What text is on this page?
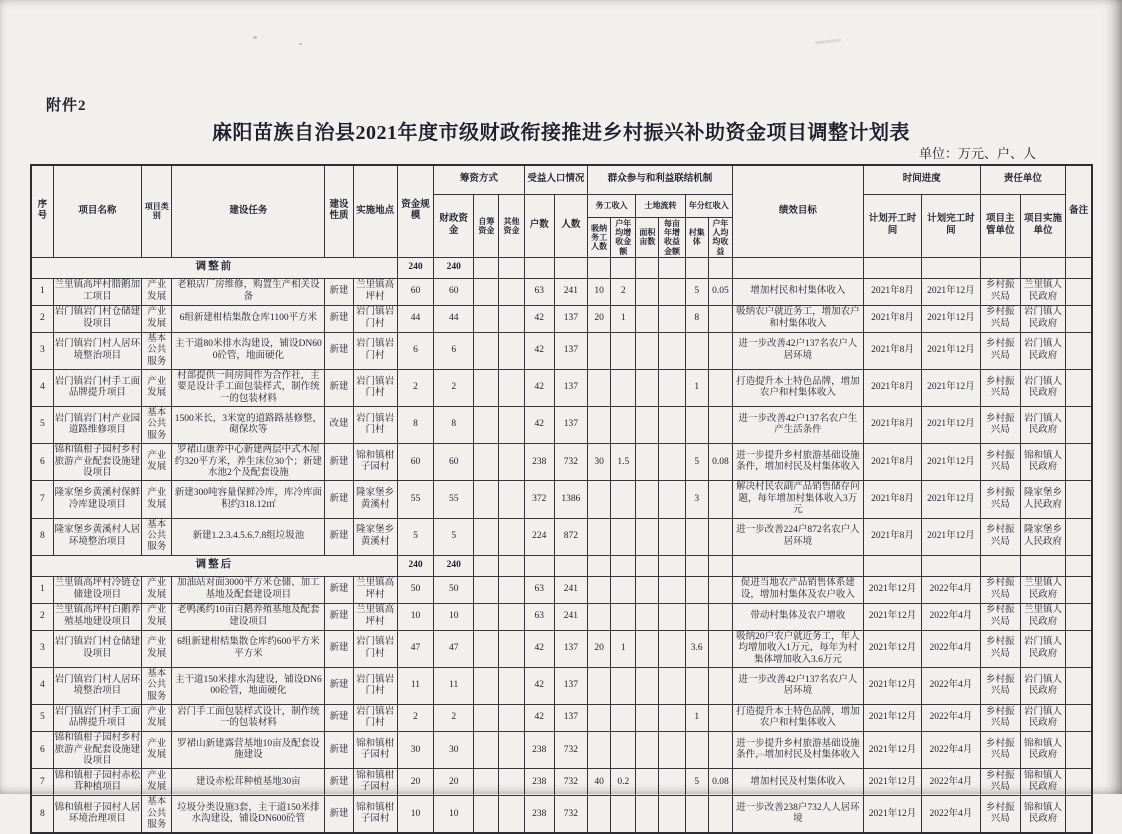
附件2
麻阳苗族自治县2021年度市级财政衔接推进乡村振兴补助资金项目调整计划表
单位：万元、户、人
序号	项目名称	项目类别	建设任务	建设性质	实施地点	资金规模	筹资方式			受益人口情况		群众参与和利益联结机制						绩效目标	时间进度		责任单位		备注
							财政资金	自筹资金	其他资金	户数	人数	务工收入		土地流转		年分红收入			计划开工时间	计划完工时间	项目主管单位	项目实施单位	
												吸纳务工人数	户年均增收金额	面积亩数	每亩年增收益金额	村集体	户年人均均收益						
调整前						240	240																
1	兰里镇高坪村腊鹅加工项目	产业发展	老粮店厂房维修，购置生产相关设备	新建	兰里镇高坪村	60	60			63	241	10	2			5	0.05	增加村民和村集体收入	2021年8月	2021年12月	乡村振兴局	兰里镇人民政府	
2	岩门镇岩门村仓储建设项目	产业发展	6组新建柑桔集散仓库1100平方米	新建	岩门镇岩门村	44	44			42	137	20	1			8		吸纳农户就近务工，增加农户和村集体收入	2021年8月	2021年12月	乡村振兴局	岩门镇人民政府	
3	岩门镇岩门村人居环境整治项目	基本公共服务	主干道80米排水沟建设，铺设DN600砼管，地面硬化	新建	岩门镇岩门村	6	6			42	137							进一步改善42户137名农户人居环境	2021年8月	2021年12月	乡村振兴局	岩门镇人民政府	
4	岩门镇岩门村手工面品牌提升项目	产业发展	村部提供一间房间作为合作社，主要是设计手工面包装样式，制作统一的包装材料	新建	岩门镇岩门村	2	2			42	137					1		打造提升本土特色品牌，增加农户和村集体收入	2021年8月	2021年12月	乡村振兴局	岩门镇人民政府	
5	岩门镇岩门村产业园道路维修项目	基本公共服务	1500米长，3米宽的道路路基修整，砌保坎等	改建	岩门镇岩门村	8	8			42	137							进一步改善42户137名农户生产生活条件	2021年8月	2021年12月	乡村振兴局	岩门镇人民政府	
6	锦和镇柑子园村乡村旅游产业配套设施建设项目	产业发展	罗裙山康养中心新建两层中式木屋约320平方米，养生床位30个；新建水池2个及配套设施	新建	锦和镇柑子园村	60	60			238	732	30	1.5			5	0.08	进一步提升乡村旅游基础设施条件，增加村民及村集体收入	2021年8月	2021年12月	乡村振兴局	锦和镇人民政府	
7	隆家堡乡黄溪村保鲜冷库建设项目	产业发展	新建300吨容量保鲜冷库，库冷库面积约318.12㎡	新建	隆家堡乡黄溪村	55	55			372	1386					3		解决村民农副产品销售储存问题，每年增加村集体收入3万元	2021年8月	2021年12月	乡村振兴局	隆家堡乡人民政府	
8	隆家堡乡黄溪村人居环境整治项目	基本公共服务	新建1.2.3.4.5.6.7.8组垃圾池	新建	隆家堡乡黄溪村	5	5			224	872							进一步改善224户872名农户人居环境	2021年8月	2021年12月	乡村振兴局	隆家堡乡人民政府	
调整后						240	240																
1	兰里镇高坪村冷链仓储建设项目	产业发展	加油站对面3000平方米仓储、加工基地及配套建设项目	新建	兰里镇高坪村	50	50			63	241							促进当地农产品销售体系建设，增加村集体及农户收入	2021年12月	2022年4月	乡村振兴局	兰里镇人民政府	
2	兰里镇高坪村白鹅养殖基地建设项目	产业发展	老鸭溪约10亩白鹅养殖基地及配套建设项目	新建	兰里镇高坪村	10	10			63	241							带动村集体及农户增收	2021年12月	2022年4月	乡村振兴局	兰里镇人民政府	
3	岩门镇岩门村仓储建设项目	产业发展	6组新建柑桔集散仓库约600平方米平方米	新建	岩门镇岩门村	47	47			42	137	20	1			3.6		吸纳20户农户就近务工，年人均增加收入1万元，每年为村集体增加收入3.6万元	2021年12月	2022年4月	乡村振兴局	岩门镇人民政府	
4	岩门镇岩门村人居环境整治项目	基本公共服务	主干道150米排水沟建设，铺设DN600砼管，地面硬化	新建	岩门镇岩门村	11	11			42	137							进一步改善42户137名农户人居环境	2021年12月	2022年4月	乡村振兴局	岩门镇人民政府	
5	岩门镇岩门村手工面品牌提升项目	产业发展	岩门手工面包装样式设计，制作统一的包装材料	新建	岩门镇岩门村	2	2			42	137					1		打造提升本土特色品牌，增加农户和村集体收入	2021年12月	2022年4月	乡村振兴局	岩门镇人民政府	
6	锦和镇柑子园村乡村旅游产业配套设施建设项目	产业发展	罗裙山新建露营基地10亩及配套设施建设	新建	锦和镇柑子园村	30	30			238	732							进一步提升乡村旅游基础设施条件，增加村民及村集体收入	2021年12月	2022年4月	乡村振兴局	锦和镇人民政府	
7	锦和镇柑子园村赤松茸种植项目	产业发展	建设赤松茸种植基地30亩	新建	锦和镇柑子园村	20	20			238	732	40	0.2			5	0.08	增加村民及村集体收入	2021年12月	2022年4月	乡村振兴局	锦和镇人民政府	
8	锦和镇柑子园村人居环境治理项目	基本公共服务	垃圾分类设施3套，主干道150米排水沟建设，铺设DN600砼管	新建	锦和镇柑子园村	10	10			238	732							进一步改善238户732人人居环境	2021年12月	2022年4月	乡村振兴局	锦和镇人民政府	
